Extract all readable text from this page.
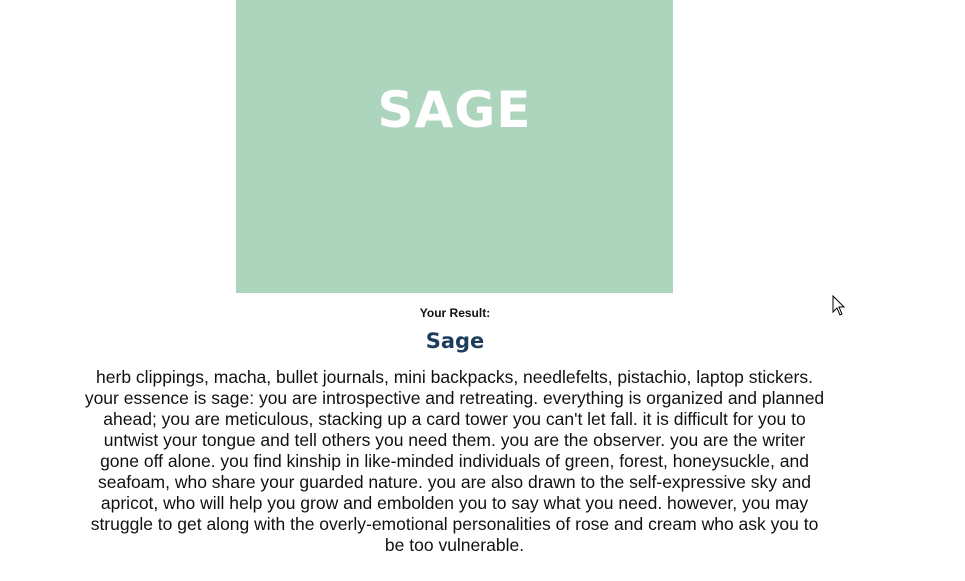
SAGE
Your Result:
Sage
herb clippings, macha, bullet journals, mini backpacks, needlefelts, pistachio, laptop stickers. your essence is sage: you are introspective and retreating. everything is organized and planned ahead; you are meticulous, stacking up a card tower you can't let fall. it is difficult for you to untwist your tongue and tell others you need them. you are the observer. you are the writer gone off alone. you find kinship in like-minded individuals of green, forest, honeysuckle, and seafoam, who share your guarded nature. you are also drawn to the self-expressive sky and apricot, who will help you grow and embolden you to say what you need. however, you may struggle to get along with the overly-emotional personalities of rose and cream who ask you to be too vulnerable.
